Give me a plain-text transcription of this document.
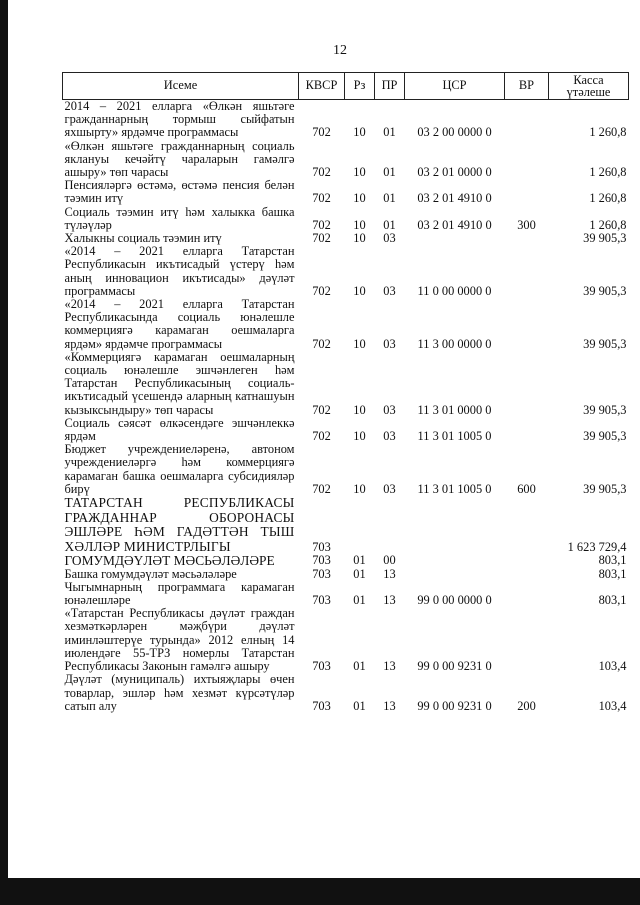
12
Исеме	КВСР	Рз	ПР	ЦСР	ВР	Касса үтәлеше
2014 – 2021 елларга «Өлкән яшьтәге гражданнарның тормыш сыйфатын яхшырту» ярдәмче программасы	702	10	01	03 2 00 0000 0		1 260,8
«Өлкән яшьтәге гражданнарның социаль яклануы кечәйтү чараларын гамәлгә ашыру» төп чарасы	702	10	01	03 2 01 0000 0		1 260,8
Пенсияләргә өстәмә, өстәмә пенсия белән тәэмин итү	702	10	01	03 2 01 4910 0		1 260,8
Социаль тәэмин итү һәм халыкка башка түләүләр	702	10	01	03 2 01 4910 0	300	1 260,8
Халыкны социаль тәэмин итү	702	10	03			39 905,3
«2014 – 2021 елларга Татарстан Республикасын икътисадый үстерү һәм аның инновацион икътисады» дәүләт программасы	702	10	03	11 0 00 0000 0		39 905,3
«2014 – 2021 елларга Татарстан Республикасында социаль юнәлешле коммерциягә карамаган оешмаларга ярдәм» ярдәмче программасы	702	10	03	11 3 00 0000 0		39 905,3
«Коммерциягә карамаган оешмаларның социаль юнәлешле эшчәнлеген һәм Татарстан Республикасының социаль-икътисадый үсешендә аларның катнашуын кызыксындыру» төп чарасы	702	10	03	11 3 01 0000 0		39 905,3
Социаль сәясәт өлкәсендәге эшчәнлеккә ярдәм	702	10	03	11 3 01 1005 0		39 905,3
Бюджет учреждениеләренә, автоном учреждениеләргә һәм коммерциягә карамаган башка оешмаларга субсидияләр бирү	702	10	03	11 3 01 1005 0	600	39 905,3
ТАТАРСТАН РЕСПУБЛИКАСЫ ГРАЖДАННАР ОБОРОНАСЫ ЭШЛӘРЕ ҺӘМ ГАДӘТТӘН ТЫШ ХӘЛЛӘР МИНИСТРЛЫГЫ	703					1 623 729,4
ГОМУМДӘҮЛӘТ МӘСЬӘЛӘЛӘРЕ	703	01	00			803,1
Башка гомумдәүләт мәсьәләләре	703	01	13			803,1
Чыгымнарның программага карамаган юнәлешләре	703	01	13	99 0 00 0000 0		803,1
«Татарстан Республикасы дәүләт граждан хезмәткәрләрен мәҗбүри дәүләт иминләштерүе турында» 2012 елның 14 июлендәге 55-ТРЗ номерлы Татарстан Республикасы Законын гамәлгә ашыру	703	01	13	99 0 00 9231 0		103,4
Дәүләт (муниципаль) ихтыяҗлары өчен товарлар, эшләр һәм хезмәт күрсәтүләр сатып алу	703	01	13	99 0 00 9231 0	200	103,4
